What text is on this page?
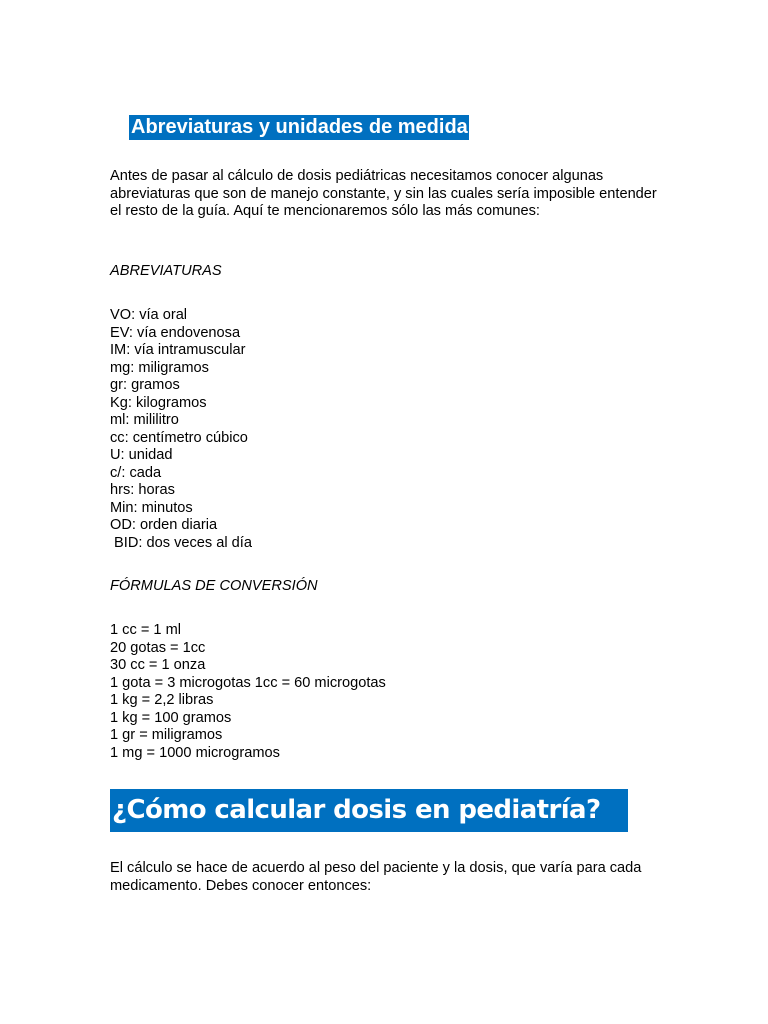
Abreviaturas y unidades de medida

Antes de pasar al cálculo de dosis pediátricas necesitamos conocer algunas abreviaturas que son de manejo constante, y sin las cuales sería imposible entender el resto de la guía. Aquí te mencionaremos sólo las más comunes:

ABREVIATURAS

VO: vía oral
EV: vía endovenosa
IM: vía intramuscular
mg: miligramos
gr: gramos
Kg: kilogramos
ml: mililitro
cc: centímetro cúbico
U: unidad
c/: cada
hrs: horas
Min: minutos
OD: orden diaria
BID: dos veces al día

FÓRMULAS DE CONVERSIÓN

1 cc = 1 ml
20 gotas = 1cc
30 cc = 1 onza
1 gota = 3 microgotas 1cc = 60 microgotas
1 kg = 2,2 libras
1 kg = 100 gramos
1 gr = miligramos
1 mg = 1000 microgramos
¿Cómo calcular dosis en pediatría?

El cálculo se hace de acuerdo al peso del paciente y la dosis, que varía para cada medicamento. Debes conocer entonces:
